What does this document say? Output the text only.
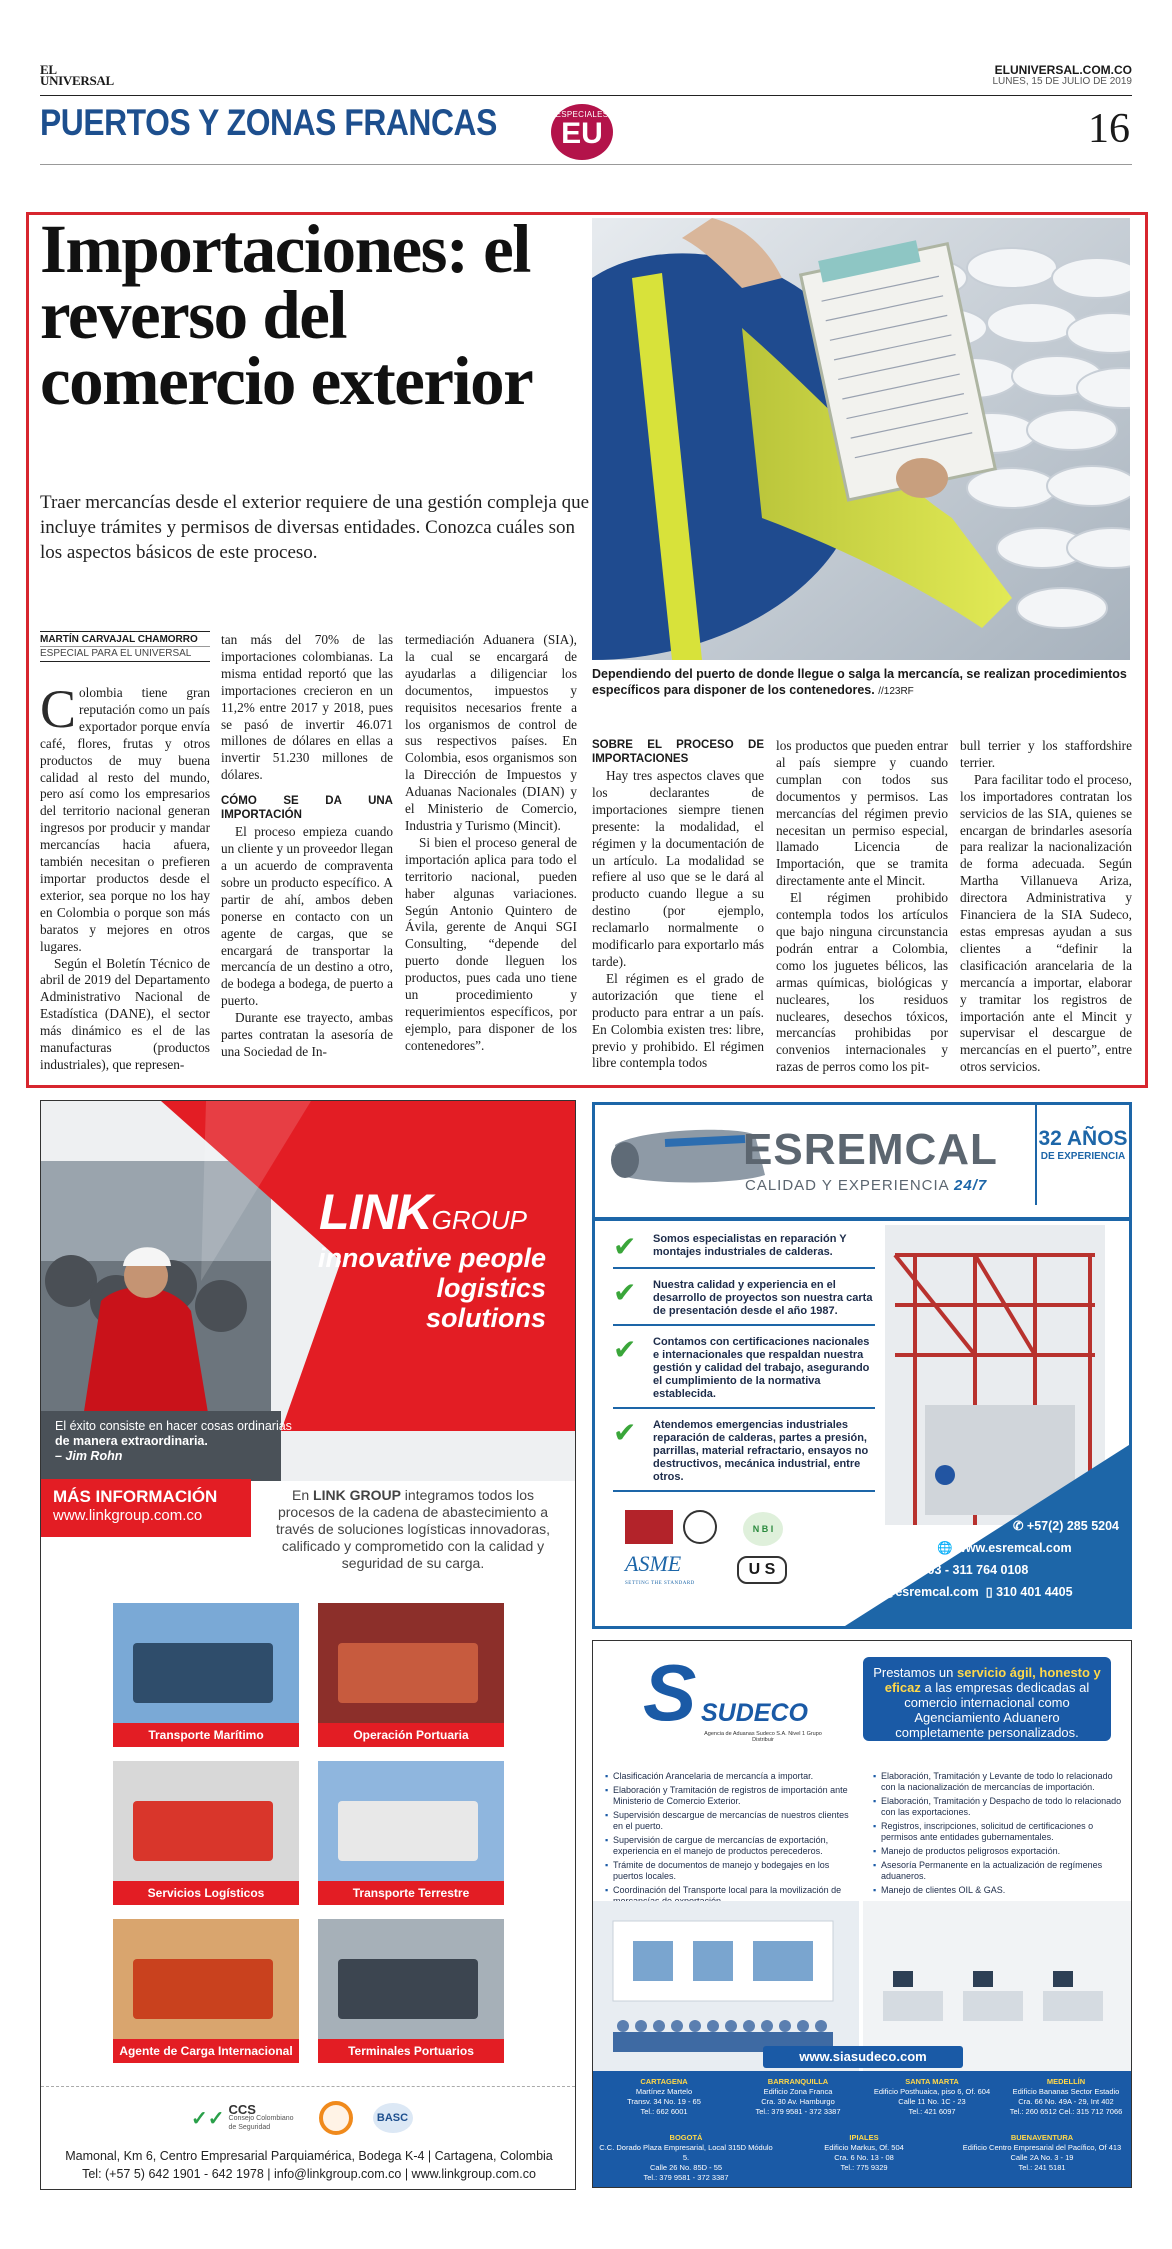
EL UNIVERSAL
ELUNIVERSAL.COM.CO
LUNES, 15 DE JULIO DE 2019
PUERTOS Y ZONAS FRANCAS	ESPECIALES
EU	16
Importaciones: el reverso del comercio exterior

Traer mercancías desde el exterior requiere de una gestión compleja que incluye trámites y permisos de diversas entidades. Conozca cuáles son los aspectos básicos de este proceso.

Dependiendo del puerto de donde llegue o salga la mercancía, se realizan procedimientos específicos para disponer de los contenedores. //123RF
MARTÍN CARVAJAL CHAMORRO
ESPECIAL PARA EL UNIVERSAL

Colombia tiene gran reputación como un país exportador porque envía café, flores, frutas y otros productos de muy buena calidad al resto del mundo, pero así como los empresarios del territorio nacional generan ingresos por producir y mandar mercancías hacia afuera, también necesitan o prefieren importar productos desde el exterior, sea porque no los hay en Colombia o porque son más baratos y mejores en otros lugares.

Según el Boletín Técnico de abril de 2019 del Departamento Administrativo Nacional de Estadística (DANE), el sector más dinámico es el de las manufacturas (productos industriales), que represen-

tan más del 70% de las importaciones colombianas. La misma entidad reportó que las importaciones crecieron en un 11,2% entre 2017 y 2018, pues se pasó de invertir 46.071 millones de dólares en ellas a invertir 51.230 millones de dólares.

CÓMO SE DA UNA IMPORTACIÓN

El proceso empieza cuando un cliente y un proveedor llegan a un acuerdo de compraventa sobre un producto específico. A partir de ahí, ambos deben ponerse en contacto con un agente de cargas, que se encargará de transportar la mercancía de un destino a otro, de bodega a bodega, de puerto a puerto.

Durante ese trayecto, ambas partes contratan la asesoría de una Sociedad de In-

termediación Aduanera (SIA), la cual se encargará de ayudarlas a diligenciar los documentos, impuestos y requisitos necesarios frente a los organismos de control de sus respectivos países. En Colombia, esos organismos son la Dirección de Impuestos y Aduanas Nacionales (DIAN) y el Ministerio de Comercio, Industria y Turismo (Mincit).

Si bien el proceso general de importación aplica para todo el territorio nacional, pueden haber algunas variaciones. Según Antonio Quintero de Ávila, gerente de Anqui SGI Consulting, “depende del puerto donde lleguen los productos, pues cada uno tiene un procedimiento y requerimientos específicos, por ejemplo, para disponer de los contenedores”.

SOBRE EL PROCESO DE IMPORTACIONES

Hay tres aspectos claves que los declarantes de importaciones siempre tienen presente: la modalidad, el régimen y la documentación de un artículo. La modalidad se refiere al uso que se le dará al producto cuando llegue a su destino (por ejemplo, reclamarlo normalmente o modificarlo para exportarlo más tarde).

El régimen es el grado de autorización que tiene el producto para entrar a un país. En Colombia existen tres: libre, previo y prohibido. El régimen libre contempla todos

los productos que pueden entrar al país siempre y cuando cumplan con todos sus documentos y permisos. Las mercancías del régimen previo necesitan un permiso especial, llamado Licencia de Importación, que se tramita directamente ante el Mincit.

El régimen prohibido contempla todos los artículos que bajo ninguna circunstancia podrán entrar a Colombia, como los juguetes bélicos, las armas químicas, biológicas y nucleares, los residuos nucleares, desechos tóxicos, mercancías prohibidas por convenios internacionales y razas de perros como los pit-

bull terrier y los staffordshire terrier.

Para facilitar todo el proceso, los importadores contratan los servicios de las SIA, quienes se encargan de brindarles asesoría para realizar la nacionalización de forma adecuada. Según Martha Villanueva Ariza, directora Administrativa y Financiera de la SIA Sudeco, estas empresas ayudan a sus clientes a “definir la clasificación arancelaria de la mercancía a importar, elaborar y tramitar los registros de importación ante el Mincit y supervisar el descargue de mercancías en el puerto”, entre otros servicios.

LINKGROUP
innovative people
logistics solutions
El éxito consiste en hacer cosas ordinarias
de manera extraordinaria.
– Jim Rohn
MÁS INFORMACIÓN
www.linkgroup.com.co
En LINK GROUP integramos todos los procesos de la cadena de abastecimiento a través de soluciones logísticas innovadoras, calificado y comprometido con la calidad y seguridad de su carga.
Transporte Marítimo	Operación Portuaria
Servicios Logísticos	Transporte Terrestre
Agente de Carga Internacional	Terminales Portuarios
✓✓ CCS
Consejo Colombiano de Seguridad
BASC
Mamonal, Km 6, Centro Empresarial Parquiamérica, Bodega K-4 | Cartagena, Colombia
Tel: (+57 5) 642 1901 - 642 1978 | info@linkgroup.com.co | www.linkgroup.com.co
ESREMCAL
CALIDAD Y EXPERIENCIA 24/7
32 AÑOS
DE EXPERIENCIA
✔	Somos especialistas en reparación Y montajes industriales de calderas.
✔	Nuestra calidad y experiencia en el desarrollo de proyectos son nuestra carta de presentación desde el año 1987.
✔	Contamos con certificaciones nacionales e internacionales que respaldan nuestra gestión y calidad del trabajo, asegurando el cumplimiento de la normativa establecida.
✔	Atendemos emergencias industriales reparación de calderas, partes a presión, parrillas, material refractario, ensayos no destructivos, mecánica industrial, entre otros.
N B I
ASME
SETTING THE STANDARD
U S
✆ +57(2) 285 5204
🌐 www.esremcal.com
✆ 313 791 1003 - 311 764 0108
✉ esremcal@esremcal.com ▯ 310 401 4405
S SUDECO
Agencia de Aduanas Sudeco S.A. Nivel 1 Grupo Distribuir
Prestamos un servicio ágil, honesto y eficaz a las empresas dedicadas al comercio internacional como Agenciamiento Aduanero completamente personalizados.
▪ Clasificación Arancelaria de mercancía a importar.
▪ Elaboración y Tramitación de registros de importación ante Ministerio de Comercio Exterior.
▪ Supervisión descargue de mercancías de nuestros clientes en el puerto.
▪ Supervisión de cargue de mercancías de exportación, experiencia en el manejo de productos perecederos.
▪ Trámite de documentos de manejo y bodegajes en los puertos locales.
▪ Coordinación del Transporte local para la movilización de
▪ Elaboración, Tramitación y Levante de todo lo relacionado con la nacionalización de mercancías de importación.
▪ Elaboración, Tramitación y Despacho de todo lo relacionado con las exportaciones.
▪ Registros, inscripciones, solicitud de certificaciones o permisos ante entidades gubernamentales.
▪ Manejo de productos peligrosos exportación.
▪ Asesoría Permanente en la actualización de regímenes aduaneros.
▪ Manejo de clientes OIL & GAS.
www.siasudeco.com
CARTAGENA
Martínez Martelo
Transv. 34 No. 19 - 65
Tel.: 662 6001
BARRANQUILLA
Edificio Zona Franca
Cra. 30 Av. Hamburgo
Tel.: 379 9581 - 372 3387
SANTA MARTA
Edificio Posthuaica, piso 6, Of. 604
Calle 11 No. 1C - 23
Tel.: 421 6097
MEDELLÍN
Edificio Bananas Sector Estadio
Cra. 66 No. 49A - 29, Int 402
Tel.: 260 6512 Cel.: 315 712 7066
BOGOTÁ
C.C. Dorado Plaza Empresarial, Local 315D Módulo 5.
Calle 26 No. 85D - 55
Tel.: 379 9581 - 372 3387
IPIALES
Edificio Markus, Of. 504
Cra. 6 No. 13 - 08
Tel.: 775 9329
BUENAVENTURA
Edificio Centro Empresarial del Pacífico, Of 413
Calle 2A No. 3 - 19
Tel.: 241 5181
